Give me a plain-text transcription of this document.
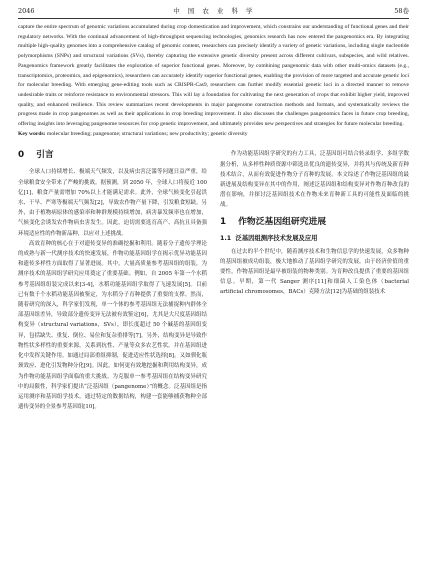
2046	中 国 农 业 科 学	58卷

capture the entire spectrum of genomic variations accumulated during crop domestication and improvement, which constrains our understanding of functional genes and their regulatory networks. With the continual advancement of high-throughput sequencing technologies, genomics research has now entered the pangenomics era. By integrating multiple high-quality genomes into a comprehensive catalog of genomic content, researchers can precisely identify a variety of genetic variations, including single nucleotide polymorphisms (SNPs) and structural variations (SVs), thereby capturing the extensive genetic diversity present across different cultivars, subspecies, and wild relatives. Pangenomics framework greatly facilitates the exploration of superior functional genes. Moreover, by combining pangenomic data with other multi-omics datasets (e.g., transcriptomics, proteomics, and epigenomics), researchers can accurately identify superior functional genes, enabling the provision of more targeted and accurate genetic loci for molecular breeding. With emerging gene-editing tools such as CRISPR-Cas9, researchers can further modify essential genetic loci in a directed manner to remove undesirable traits or reinforce resistance to environmental stressors. This will lay a foundation for cultivating the next generation of crops that exhibit higher yield, improved quality, and enhanced resilience. This review summarizes recent developments in major pangenome construction methods and formats, and systematically reviews the progress made in crop pangenomes as well as their applications in crop breeding improvement. It also discusses the challenges pangenomics faces in future crop breeding, offering insights into leveraging pangenome resources for crop genetic improvement, and ultimately provides new perspectives and strategies for future molecular breeding.

Key words: molecular breeding; pangenome; structural variations; new productivity; genetic diversity

0 引言

全球人口持续增长、极端天气频发，以及病虫害泛滥等问题日益严重，给全球粮食安全带来了严峻的挑战。据预测，到 2050 年，全球人口将接近 100 亿[1]，粮食产量需增加 70%以上才能满足需求。此外，全球气候变化引起洪水、干旱、严寒等极端天气频发[2]，导致农作物产量下降，引发粮食短缺。另外，由于植物病原体的感染率和种群规模持续增加，病害暴发频率也在增加，气候变化会诱发农作物病虫害发生。因此，迫切需要选育高产、高抗且具备强环境适应性的作物新品种，以应对上述挑战。

高效育种的核心在于对遗传变异的准确挖掘和利用。随着分子遗传学理论的成熟与新一代测序技术的快速发展，作物功能基因组学在揭示优异功能基因和遗传多样性方面取得了显著进展。其中，大量高质量参考基因组的组装，为测序技术的基因组学研究应用奠定了重要基础。例如，自 2005 年第一个水稻参考基因组组装完成以来[3-4]，水稻功能基因组学取得了飞速发展[5]。目前已有数千个水稻功能基因被鉴定，为水稻分子育种提供了重要的支撑。然而，随着研究的深入，科学家们发现，单一个体的参考基因组无法捕捉种内群体全部基因组差异，导致部分遗传变异无法被有效鉴定[6]，尤其是大尺度基因组结构变异（structural variations，SVs），即长度超过 50 个碱基的基因组变异，包括缺失、重复、倒位、易位和复杂重排等[7]。另外，结构变异是导致作物性状多样性的重要来源，关系到抗性、产量等众多农艺性状。并在基因组进化中发挥关键作用。如通过局部重组抑制，促进适应性状选择[8]。又如驯化瓶颈效应、进化引发物种分化[9]。因此，如何更有效地挖掘和利用结构变异，成为作物功能基因组学面临的重大挑战。为克服单一参考基因组在结构变异研究中的局限性，科学家们提出“泛基因组（pangenome）”的概念。泛基因组是指运用测序和基因组学技术，通过特定的数据结构，构建一套能够捕获物种全部遗传变异的全景参考基因组[10]。

作为功能基因组学研究的有力工具，泛基因组可结合转录组学、多组学数据分析，从多样性种质资源中筛选出优良的遗传变异，并将其与传统及新育种技术结合，从而有效促进作物分子育种的发展。本文综述了作物泛基因组的最新进展及结构变异在其中的作用，阐述泛基因组和结构变异对作物育种改良的潜在影响，并探讨泛基因组技术在作物未来育种新工具的可能性及面临的挑战。

1 作物泛基因组研究进展
1.1 泛基因组测序技术发展及应用

在过去的半个世纪中，随着测序技术和生物信息学的快速发展，众多物种的基因组被成功组装，极大地推动了基因组学研究的发展。由于经济价值的重要性，作物基因组是最早被组装的物种类别。为育种改良提供了重要的基因组信息。早期，第一代 Sanger 测序[11]和细菌人工染色体（bacterial artificial chromosomes，BACs）克隆方法[12]为基础的组装技术
